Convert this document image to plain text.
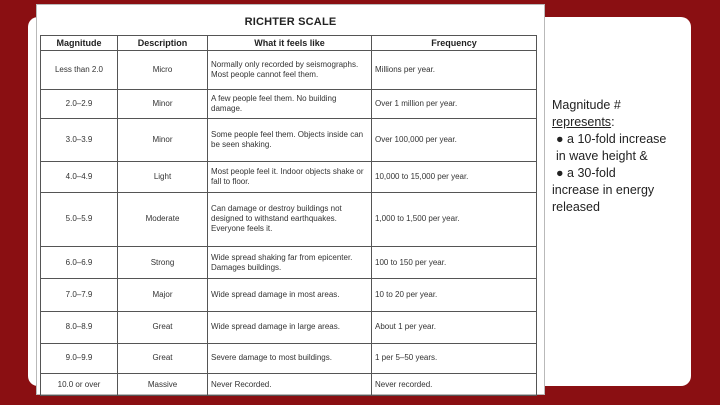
RICHTER SCALE
Magnitude	Description	What it feels like	Frequency
Less than 2.0	Micro	Normally only recorded by seismographs. Most people cannot feel them.	Millions per year.
2.0–2.9	Minor	A few people feel them. No building damage.	Over 1 million per year.
3.0–3.9	Minor	Some people feel them. Objects inside can be seen shaking.	Over 100,000 per year.
4.0–4.9	Light	Most people feel it. Indoor objects shake or fall to floor.	10,000 to 15,000 per year.
5.0–5.9	Moderate	Can damage or destroy buildings not designed to withstand earthquakes. Everyone feels it.	1,000 to 1,500 per year.
6.0–6.9	Strong	Wide spread shaking far from epicenter. Damages buildings.	100 to 150 per year.
7.0–7.9	Major	Wide spread damage in most areas.	10 to 20 per year.
8.0–8.9	Great	Wide spread damage in large areas.	About 1 per year.
9.0–9.9	Great	Severe damage to most buildings.	1 per 5–50 years.
10.0 or over	Massive	Never Recorded.	Never recorded.
Magnitude #
represents:
● a 10-fold increase
in wave height &
● a 30-fold
increase in energy
released
